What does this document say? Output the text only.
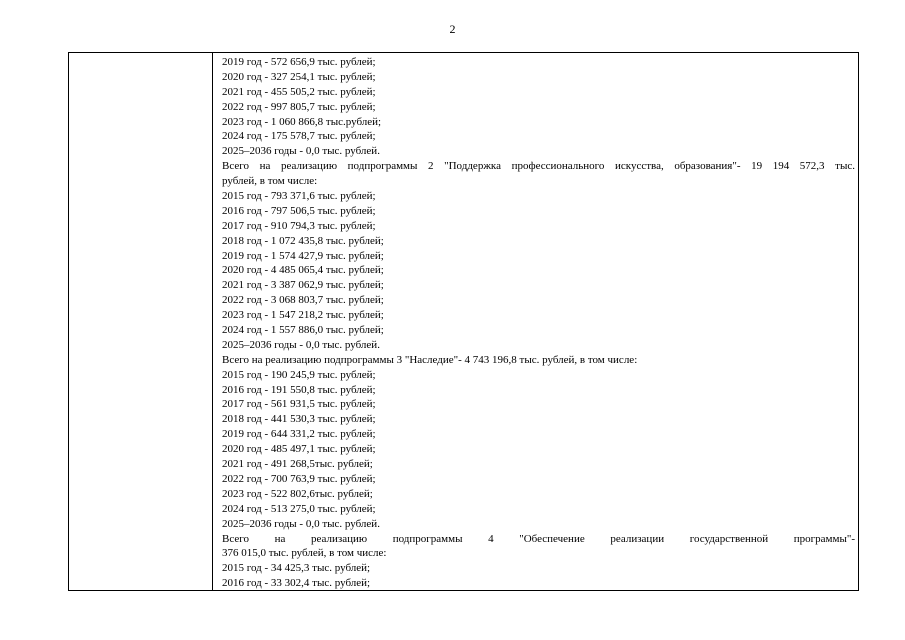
2
2019 год - 572 656,9 тыс. рублей;
2020 год - 327 254,1 тыс. рублей;
2021 год - 455 505,2 тыс. рублей;
2022 год - 997 805,7 тыс. рублей;
2023 год - 1 060 866,8 тыс.рублей;
2024 год - 175 578,7 тыс. рублей;
2025–2036 годы - 0,0 тыс. рублей.
Всего на реализацию подпрограммы 2 "Поддержка профессионального искусства, образования"- 19 194 572,3 тыс.
рублей, в том числе:
2015 год - 793 371,6 тыс. рублей;
2016 год - 797 506,5 тыс. рублей;
2017 год - 910 794,3 тыс. рублей;
2018 год - 1 072 435,8 тыс. рублей;
2019 год - 1 574 427,9 тыс. рублей;
2020 год - 4 485 065,4 тыс. рублей;
2021 год - 3 387 062,9 тыс. рублей;
2022 год - 3 068 803,7 тыс. рублей;
2023 год - 1 547 218,2 тыс. рублей;
2024 год - 1 557 886,0 тыс. рублей;
2025–2036 годы - 0,0 тыс. рублей.
Всего на реализацию подпрограммы 3 "Наследие"- 4 743 196,8 тыс. рублей, в том числе:
2015 год - 190 245,9 тыс. рублей;
2016 год - 191 550,8 тыс. рублей;
2017 год - 561 931,5 тыс. рублей;
2018 год - 441 530,3 тыс. рублей;
2019 год - 644 331,2 тыс. рублей;
2020 год - 485 497,1 тыс. рублей;
2021 год - 491 268,5тыс. рублей;
2022 год - 700 763,9 тыс. рублей;
2023 год - 522 802,6тыс. рублей;
2024 год - 513 275,0 тыс. рублей;
2025–2036 годы - 0,0 тыс. рублей.
Всего на реализацию подпрограммы 4 "Обеспечение реализации государственной программы"-
376 015,0 тыс. рублей, в том числе:
2015 год - 34 425,3 тыс. рублей;
2016 год - 33 302,4 тыс. рублей;
